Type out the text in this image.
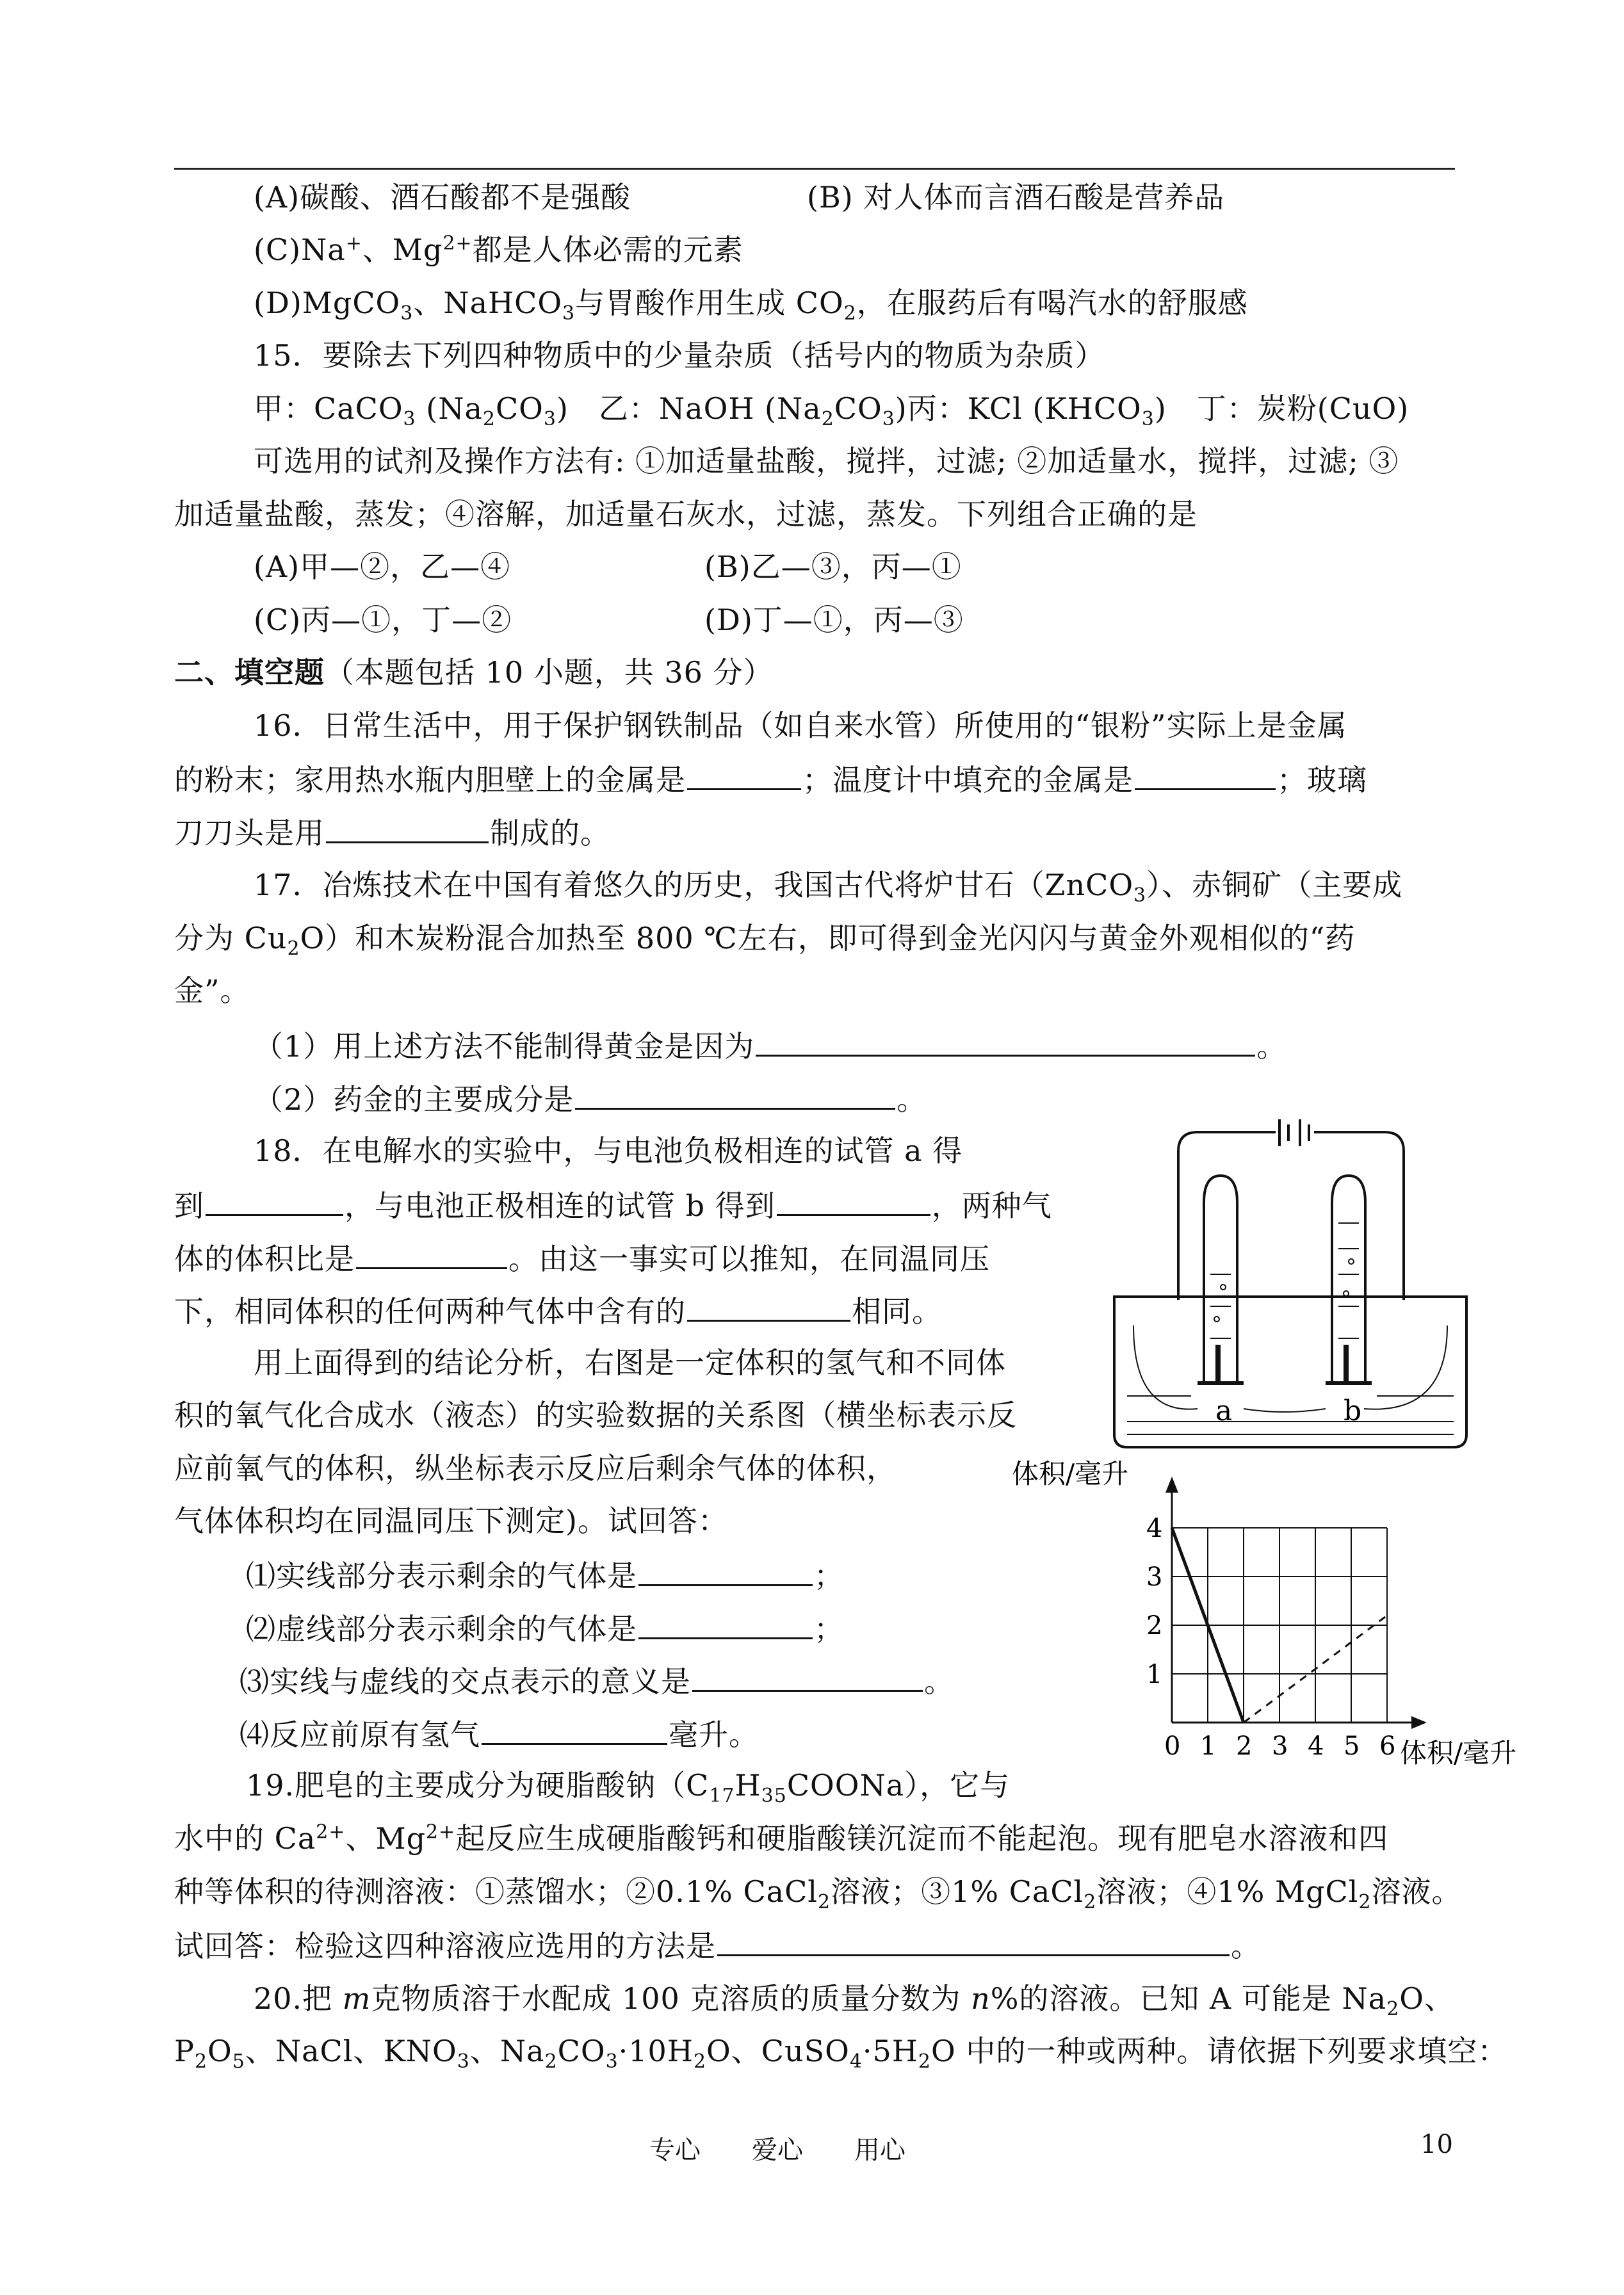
(A)碳酸、酒石酸都不是强酸	(B) 对人体而言酒石酸是营养品
(C)Na+、$Mg^{2+}$都是人体必需的元素
(D)MgCO$_3$、NaHCO$_3$与胃酸作用生成 $CO_2$，在服药后有喝汽水的舒服感
15．要除去下列四种物质中的少量杂质（括号内的物质为杂质）
甲：CaCO$_3$ $(Na_2CO_3)$　乙：NaOH $(Na_2CO_3)$丙：KCl $(KHCO_3)$　丁：炭粉(CuO)
可选用的试剂及操作方法有: ①加适量盐酸，搅拌，过滤; ②加适量水，搅拌，过滤; ③
加适量盐酸，蒸发；④溶解，加适量石灰水，过滤，蒸发。下列组合正确的是
(A)甲—②，乙—④	(B)乙—③，丙—①
(C)丙—①，丁—②	(D)丁—①，丙—③
二、填空题（本题包括 10 小题，共 36 分）
16．日常生活中，用于保护钢铁制品（如自来水管）所使用的“银粉”实际上是金属
的粉末；家用热水瓶内胆壁上的金属是	；温度计中填充的金属是	；玻璃
刀刀头是用	制成的。
17．冶炼技术在中国有着悠久的历史，我国古代将炉甘石（ZnCO$_3$）、赤铜矿（主要成
分为 $Cu_2O$）和木炭粉混合加热至 800 ℃左右，即可得到金光闪闪与黄金外观相似的“药
金”。
（1）用上述方法不能制得黄金是因为	。
（2）药金的主要成分是	。
18．在电解水的实验中，与电池负极相连的试管 a 得
到	，与电池正极相连的试管 b 得到	，两种气
体的体积比是	。由这一事实可以推知，在同温同压
下，相同体积的任何两种气体中含有的	相同。
用上面得到的结论分析，右图是一定体积的氢气和不同体
积的氧气化合成水（液态）的实验数据的关系图（横坐标表示反
应前氧气的体积，纵坐标表示反应后剩余气体的体积，
气体体积均在同温同压下测定)。试回答：
⑴实线部分表示剩余的气体是	；
⑵虚线部分表示剩余的气体是	；
⑶实线与虚线的交点表示的意义是	。
⑷反应前原有氢气	毫升。
19.肥皂的主要成分为硬脂酸钠$(C_{17}H_{35}COONa)$，它与
水中的 $Ca^{2+}$、$Mg^{2+}$起反应生成硬脂酸钙和硬脂酸镁沉淀而不能起泡。现有肥皂水溶液和四
种等体积的待测溶液：①蒸馏水；②0.1% CaCl$_2$溶液；③1% CaCl$_2$溶液；④1% MgCl$_2$溶液。
试回答：检验这四种溶液应选用的方法是	。
20.把 m克物质溶于水配成 100 克溶质的质量分数为 n%的溶液。已知 A 可能是 $Na_2O$、
$P_2O_5$、NaCl、$KNO_3$、$Na_2CO_3\cdot 10H_2O$、$CuSO_4\cdot 5H_2O$ 中的一种或两种。请依据下列要求填空：
专心　　爱心　　用心	10
a	b
0 1 2 3 4 5 6
1
2
3
4
体积/毫升
体积/毫升
